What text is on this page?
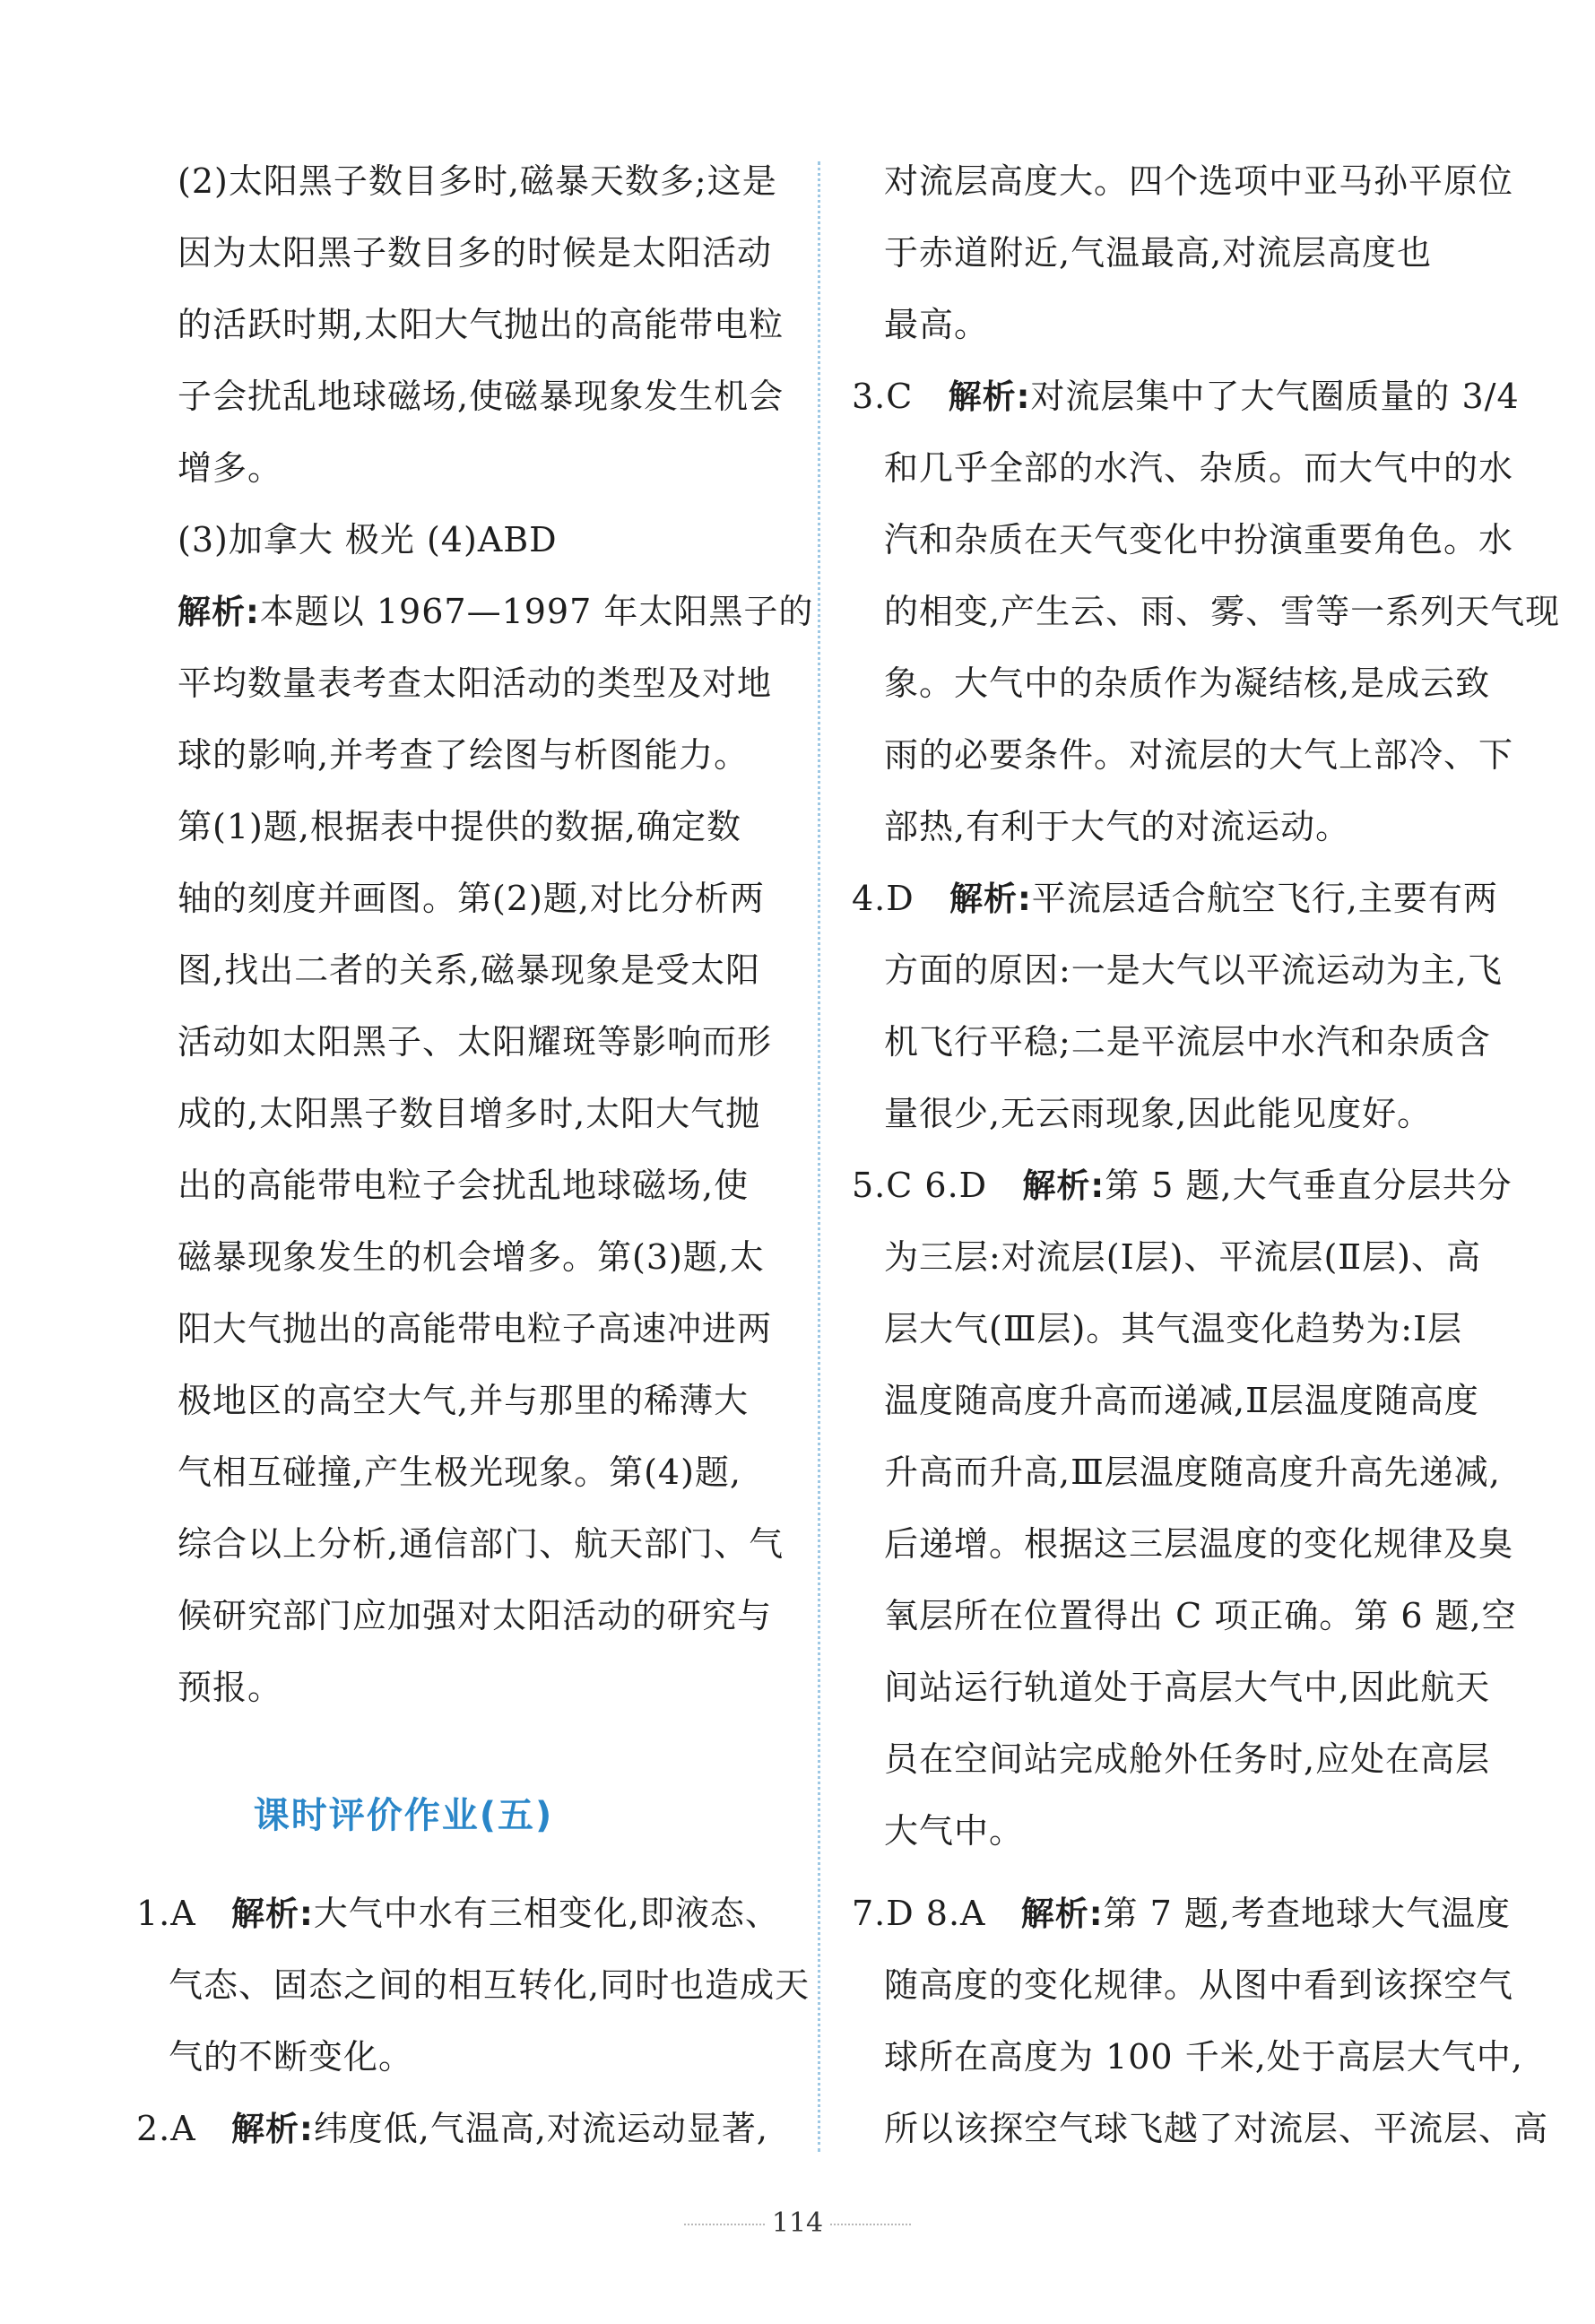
(2)太阳黑子数目多时,磁暴天数多;这是
因为太阳黑子数目多的时候是太阳活动
的活跃时期,太阳大气抛出的高能带电粒
子会扰乱地球磁场,使磁暴现象发生机会
增多。
(3)加拿大 极光 (4)ABD
解析:本题以 1967—1997 年太阳黑子的
平均数量表考查太阳活动的类型及对地
球的影响,并考查了绘图与析图能力。
第(1)题,根据表中提供的数据,确定数
轴的刻度并画图。第(2)题,对比分析两
图,找出二者的关系,磁暴现象是受太阳
活动如太阳黑子、太阳耀斑等影响而形
成的,太阳黑子数目增多时,太阳大气抛
出的高能带电粒子会扰乱地球磁场,使
磁暴现象发生的机会增多。第(3)题,太
阳大气抛出的高能带电粒子高速冲进两
极地区的高空大气,并与那里的稀薄大
气相互碰撞,产生极光现象。第(4)题,
综合以上分析,通信部门、航天部门、气
候研究部门应加强对太阳活动的研究与
预报。
课时评价作业(五)
1.A 解析:大气中水有三相变化,即液态、
气态、固态之间的相互转化,同时也造成天
气的不断变化。
2.A 解析:纬度低,气温高,对流运动显著,
对流层高度大。四个选项中亚马孙平原位
于赤道附近,气温最高,对流层高度也
最高。
3.C 解析:对流层集中了大气圈质量的 3/4
和几乎全部的水汽、杂质。而大气中的水
汽和杂质在天气变化中扮演重要角色。水
的相变,产生云、雨、雾、雪等一系列天气现
象。大气中的杂质作为凝结核,是成云致
雨的必要条件。对流层的大气上部冷、下
部热,有利于大气的对流运动。
4.D 解析:平流层适合航空飞行,主要有两
方面的原因:一是大气以平流运动为主,飞
机飞行平稳;二是平流层中水汽和杂质含
量很少,无云雨现象,因此能见度好。
5.C 6.D 解析:第 5 题,大气垂直分层共分
为三层:对流层(Ⅰ层)、平流层(Ⅱ层)、高
层大气(Ⅲ层)。其气温变化趋势为:Ⅰ层
温度随高度升高而递减,Ⅱ层温度随高度
升高而升高,Ⅲ层温度随高度升高先递减,
后递增。根据这三层温度的变化规律及臭
氧层所在位置得出 C 项正确。第 6 题,空
间站运行轨道处于高层大气中,因此航天
员在空间站完成舱外任务时,应处在高层
大气中。
7.D 8.A 解析:第 7 题,考查地球大气温度
随高度的变化规律。从图中看到该探空气
球所在高度为 100 千米,处于高层大气中,
所以该探空气球飞越了对流层、平流层、高
114
